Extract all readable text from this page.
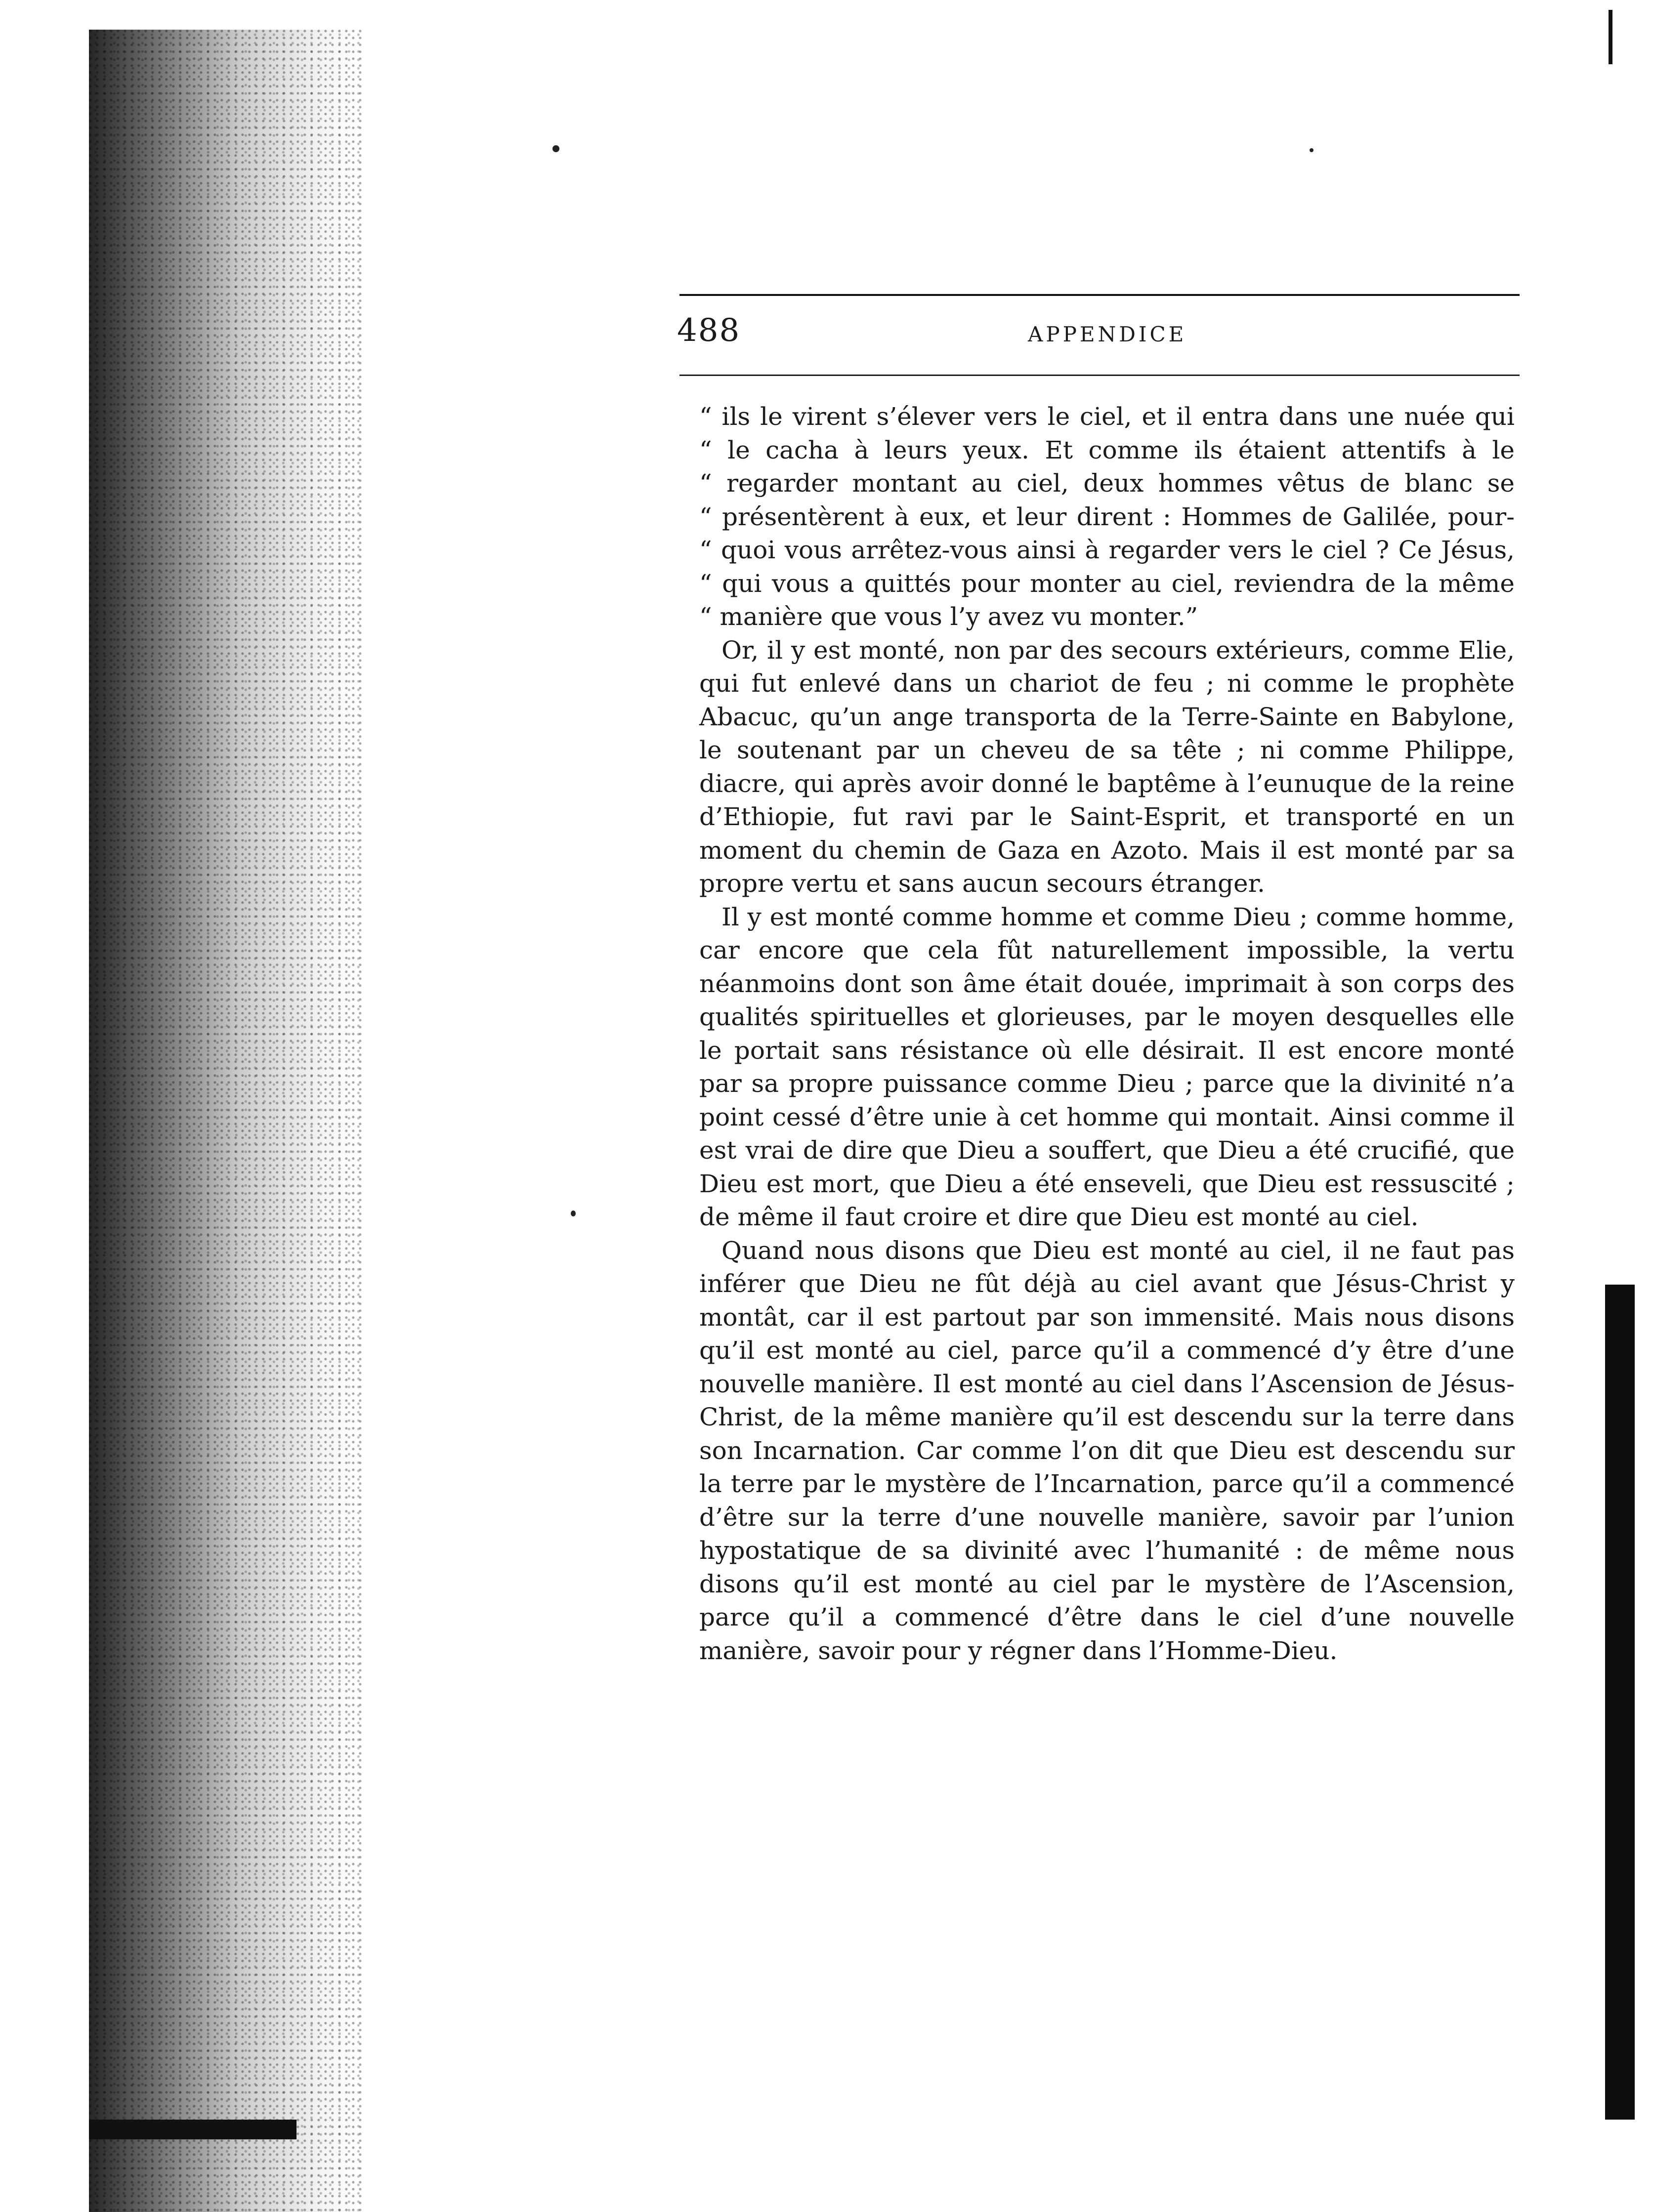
488	APPENDICE
“ ils le virent s’élever vers le ciel, et il entra dans une nuée qui
“ le cacha à leurs yeux. Et comme ils étaient attentifs à le
“ regarder montant au ciel, deux hommes vêtus de blanc se
“ présentèrent à eux, et leur dirent : Hommes de Galilée, pour-
“ quoi vous arrêtez-vous ainsi à regarder vers le ciel ? Ce Jésus,
“ qui vous a quittés pour monter au ciel, reviendra de la même
“ manière que vous l’y avez vu monter.”

Or, il y est monté, non par des secours extérieurs, comme Elie, qui fut enlevé dans un chariot de feu ; ni comme le prophète Abacuc, qu’un ange transporta de la Terre-Sainte en Babylone, le soutenant par un cheveu de sa tête ; ni comme Philippe, diacre, qui après avoir donné le baptême à l’eunuque de la reine d’Ethiopie, fut ravi par le Saint-Esprit, et transporté en un moment du chemin de Gaza en Azoto. Mais il est monté par sa propre vertu et sans aucun secours étranger.

Il y est monté comme homme et comme Dieu ; comme homme, car encore que cela fût naturellement impossible, la vertu néanmoins dont son âme était douée, imprimait à son corps des qualités spirituelles et glorieuses, par le moyen desquelles elle le portait sans résistance où elle désirait. Il est encore monté par sa propre puissance comme Dieu ; parce que la divinité n’a point cessé d’être unie à cet homme qui montait. Ainsi comme il est vrai de dire que Dieu a souffert, que Dieu a été crucifié, que Dieu est mort, que Dieu a été enseveli, que Dieu est ressuscité ; de même il faut croire et dire que Dieu est monté au ciel.

Quand nous disons que Dieu est monté au ciel, il ne faut pas inférer que Dieu ne fût déjà au ciel avant que Jésus-Christ y montât, car il est partout par son immensité. Mais nous disons qu’il est monté au ciel, parce qu’il a commencé d’y être d’une nouvelle manière. Il est monté au ciel dans l’Ascension de Jésus-Christ, de la même manière qu’il est descendu sur la terre dans son Incarnation. Car comme l’on dit que Dieu est descendu sur la terre par le mystère de l’Incarnation, parce qu’il a commencé d’être sur la terre d’une nouvelle manière, savoir par l’union hypostatique de sa divinité avec l’humanité : de même nous disons qu’il est monté au ciel par le mystère de l’Ascension, parce qu’il a commencé d’être dans le ciel d’une nouvelle manière, savoir pour y régner dans l’Homme-Dieu.
